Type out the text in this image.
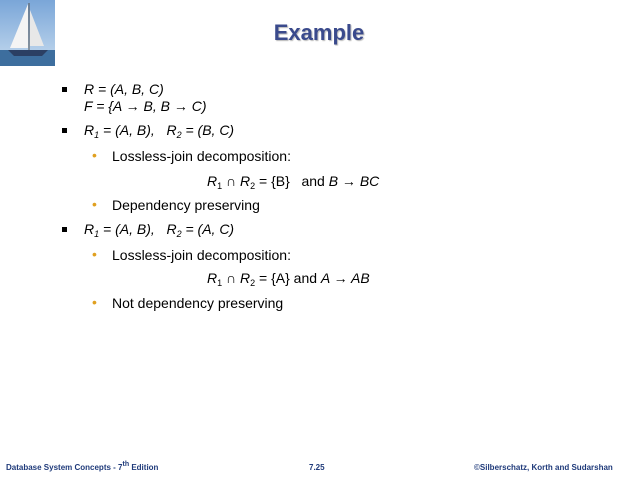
Example
R = (A, B, C)
F = {A → B, B → C)
$R_1 = (A$, B), $R_2 = (B$, C)
• Lossless-join decomposition:
$R_1$ ∩ $R_2 = \{B\}$ and B → BC
• Dependency preserving
$R_1 = (A$, B), $R_2 = (A$, C)
• Lossless-join decomposition:
$R_1$ ∩ $R_2 = \{A\}$ and A → AB
• Not dependency preserving
Database System Concepts - 7th Edition	7.25	©Silberschatz, Korth and Sudarshan
